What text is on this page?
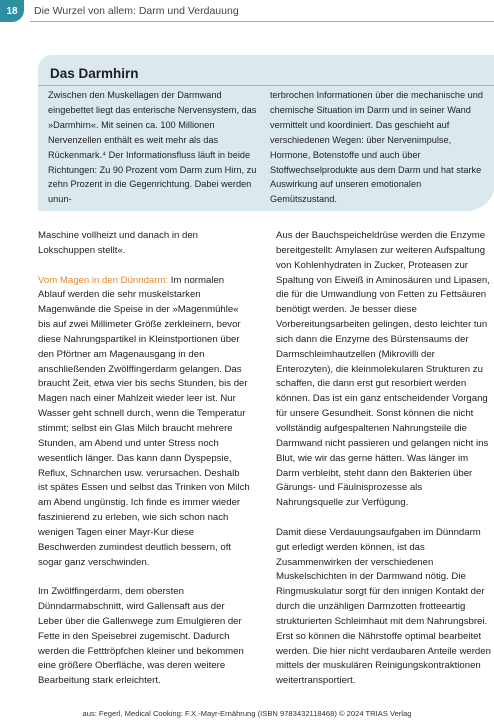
18	Die Wurzel von allem: Darm und Verdauung
Das Darmhirn
Zwischen den Muskellagen der Darmwand eingebettet liegt das enterische Nervensystem, das »Darmhirn«. Mit seinen ca. 100 Millionen Nervenzellen enthält es weit mehr als das Rückenmark.⁴ Der Informationsfluss läuft in beide Richtungen: Zu 90 Prozent vom Darm zum Hirn, zu zehn Prozent in die Gegenrichtung. Dabei werden unun-
terbrochen Informationen über die mechanische und chemische Situation im Darm und in seiner Wand vermittelt und koordiniert. Das geschieht auf verschiedenen Wegen: über Nervenimpulse, Hormone, Botenstoffe und auch über Stoffwechselprodukte aus dem Darm und hat starke Auswirkung auf unseren emotionalen Gemütszustand.

Maschine vollheizt und danach in den Lokschuppen stellt«.

Vom Magen in den Dünndarm: Im normalen Ablauf werden die sehr muskelstarken Magenwände die Speise in der »Magenmühle« bis auf zwei Millimeter Größe zerkleinern, bevor diese Nahrungspartikel in Kleinstportionen über den Pförtner am Magenausgang in den anschließenden Zwölffingerdarm gelangen. Das braucht Zeit, etwa vier bis sechs Stunden, bis der Magen nach einer Mahlzeit wieder leer ist. Nur Wasser geht schnell durch, wenn die Temperatur stimmt; selbst ein Glas Milch braucht mehrere Stunden, am Abend und unter Stress noch wesentlich länger. Das kann dann Dyspepsie, Reflux, Schnarchen usw. verursachen. Deshalb ist spätes Essen und selbst das Trinken von Milch am Abend ungünstig. Ich finde es immer wieder faszinierend zu erleben, wie sich schon nach wenigen Tagen einer Mayr-Kur diese Beschwerden zumindest deutlich bessern, oft sogar ganz verschwinden.

Im Zwölffingerdarm, dem obersten Dünndarmabschnitt, wird Gallensaft aus der Leber über die Gallenwege zum Emulgieren der Fette in den Speisebrei zugemischt. Dadurch werden die Fetttröpfchen kleiner und bekommen eine größere Oberfläche, was deren weitere Bearbeitung stark erleichtert.

Aus der Bauchspeicheldrüse werden die Enzyme bereitgestellt: Amylasen zur weiteren Aufspaltung von Kohlenhydraten in Zucker, Proteasen zur Spaltung von Eiweiß in Aminosäuren und Lipasen, die für die Umwandlung von Fetten zu Fettsäuren benötigt werden. Je besser diese Vorbereitungsarbeiten gelingen, desto leichter tun sich dann die Enzyme des Bürstensaums der Darmschleimhautzellen (Mikrovilli der Enterozyten), die kleinmolekularen Strukturen zu schaffen, die dann erst gut resorbiert werden können. Das ist ein ganz entscheidender Vorgang für unsere Gesundheit. Sonst können die nicht vollständig aufgespaltenen Nahrungsteile die Darmwand nicht passieren und gelangen nicht ins Blut, wie wir das gerne hätten. Was länger im Darm verbleibt, steht dann den Bakterien über Gärungs- und Fäulnisprozesse als Nahrungsquelle zur Verfügung.

Damit diese Verdauungsaufgaben im Dünndarm gut erledigt werden können, ist das Zusammenwirken der verschiedenen Muskelschichten in der Darmwand nötig. Die Ringmuskulatur sorgt für den innigen Kontakt der durch die unzähligen Darmzotten frotteeartig strukturierten Schleimhaut mit dem Nahrungsbrei. Erst so können die Nährstoffe optimal bearbeitet werden. Die hier nicht verdaubaren Anteile werden mittels der muskulären Reinigungskontraktionen weitertransportiert.

aus: Fegerl, Medical Cooking: F.X.-Mayr-Ernährung (ISBN 9783432118468) © 2024 TRIAS Verlag
